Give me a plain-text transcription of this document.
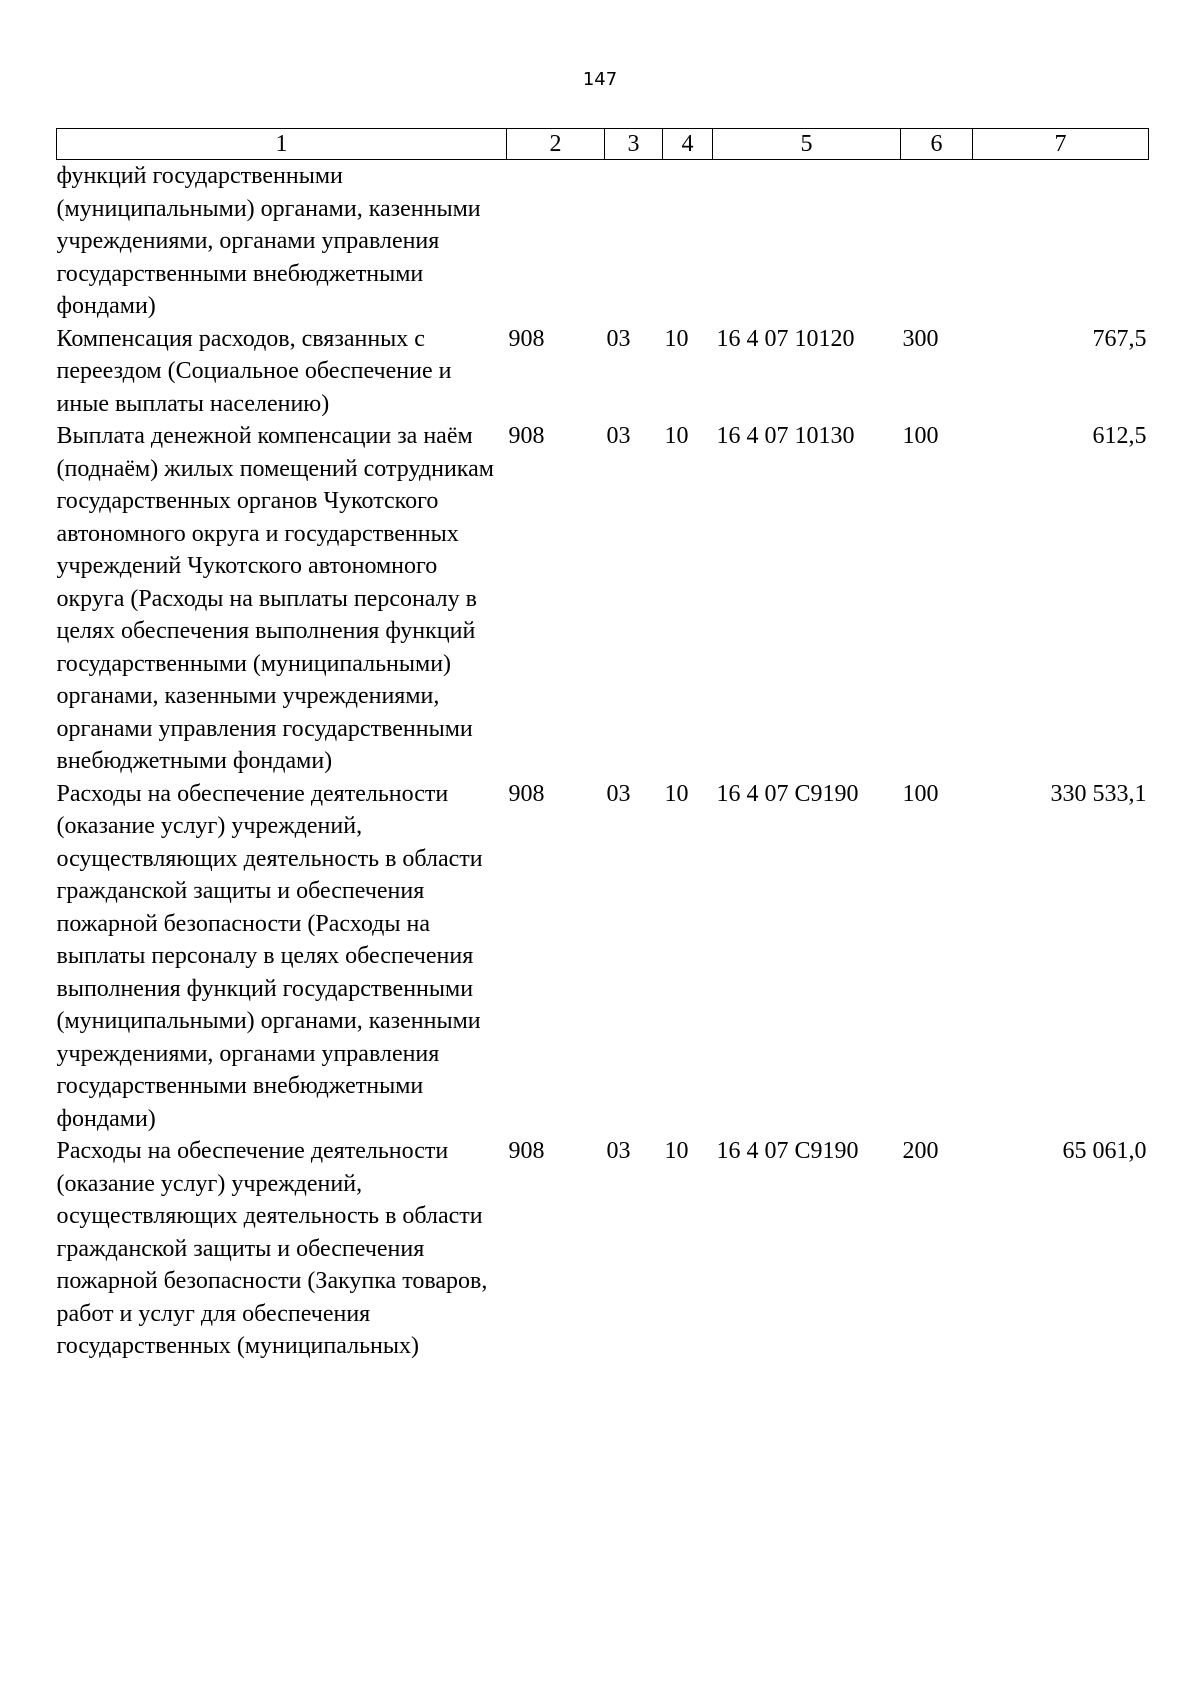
147
1	2	3	4	5	6	7
функций государственными (муниципальными) органами, казенными учреждениями, органами управления государственными внебюджетными фондами)						
Компенсация расходов, связанных с переездом (Социальное обеспечение и иные выплаты населению)	908	03	10	16 4 07 10120	300	767,5
Выплата денежной компенсации за наём (поднаём) жилых помещений сотрудникам государственных органов Чукотского автономного округа и государственных учреждений Чукотского автономного округа (Расходы на выплаты персоналу в целях обеспечения выполнения функций государственными (муниципальными) органами, казенными учреждениями, органами управления государственными внебюджетными фондами)	908	03	10	16 4 07 10130	100	612,5
Расходы на обеспечение деятельности (оказание услуг) учреждений, осуществляющих деятельность в области гражданской защиты и обеспечения пожарной безопасности (Расходы на выплаты персоналу в целях обеспечения выполнения функций государственными (муниципальными) органами, казенными учреждениями, органами управления государственными внебюджетными фондами)	908	03	10	16 4 07 С9190	100	330 533,1
Расходы на обеспечение деятельности (оказание услуг) учреждений, осуществляющих деятельность в области гражданской защиты и обеспечения пожарной безопасности (Закупка товаров, работ и услуг для обеспечения государственных (муниципальных)	908	03	10	16 4 07 С9190	200	65 061,0
